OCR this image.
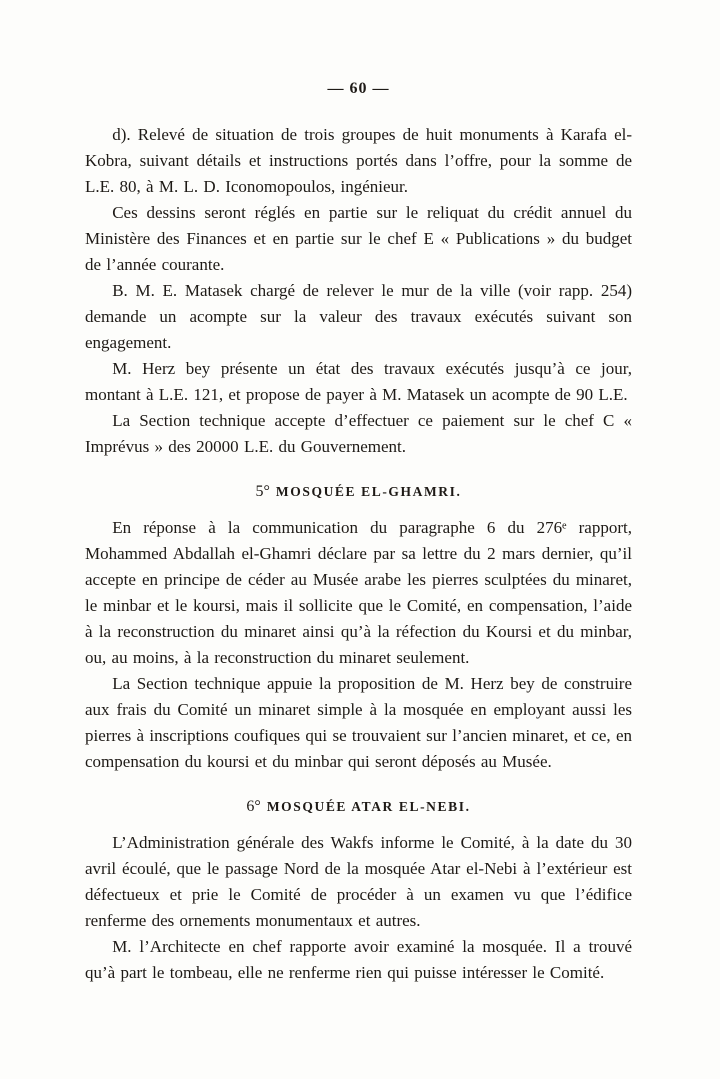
— 60 —

d). Relevé de situation de trois groupes de huit monuments à Karafa el-Kobra, suivant détails et instructions portés dans l’offre, pour la somme de L.E. 80, à M. L. D. Iconomopoulos, ingénieur.

Ces dessins seront réglés en partie sur le reliquat du crédit annuel du Ministère des Finances et en partie sur le chef E « Publications » du budget de l’année courante.

B. M. E. Matasek chargé de relever le mur de la ville (voir rapp. 254) demande un acompte sur la valeur des travaux exécutés suivant son engagement.

M. Herz bey présente un état des travaux exécutés jusqu’à ce jour, montant à L.E. 121, et propose de payer à M. Matasek un acompte de 90 L.E.

La Section technique accepte d’effectuer ce paiement sur le chef C « Imprévus » des 20000 L.E. du Gouvernement.

5° MOSQUÉE EL-GHAMRI.

En réponse à la communication du paragraphe 6 du 276ᵉ rapport, Mohammed Abdallah el-Ghamri déclare par sa lettre du 2 mars dernier, qu’il accepte en principe de céder au Musée arabe les pierres sculptées du minaret, le minbar et le koursi, mais il sollicite que le Comité, en compensation, l’aide à la reconstruction du minaret ainsi qu’à la réfection du Koursi et du minbar, ou, au moins, à la reconstruction du minaret seulement.

La Section technique appuie la proposition de M. Herz bey de construire aux frais du Comité un minaret simple à la mosquée en employant aussi les pierres à inscriptions coufiques qui se trouvaient sur l’ancien minaret, et ce, en compensation du koursi et du minbar qui seront déposés au Musée.

6° MOSQUÉE ATAR EL-NEBI.

L’Administration générale des Wakfs informe le Comité, à la date du 30 avril écoulé, que le passage Nord de la mosquée Atar el-Nebi à l’extérieur est défectueux et prie le Comité de procéder à un examen vu que l’édifice renferme des ornements monumentaux et autres.

M. l’Architecte en chef rapporte avoir examiné la mosquée. Il a trouvé qu’à part le tombeau, elle ne renferme rien qui puisse intéresser le Comité.
